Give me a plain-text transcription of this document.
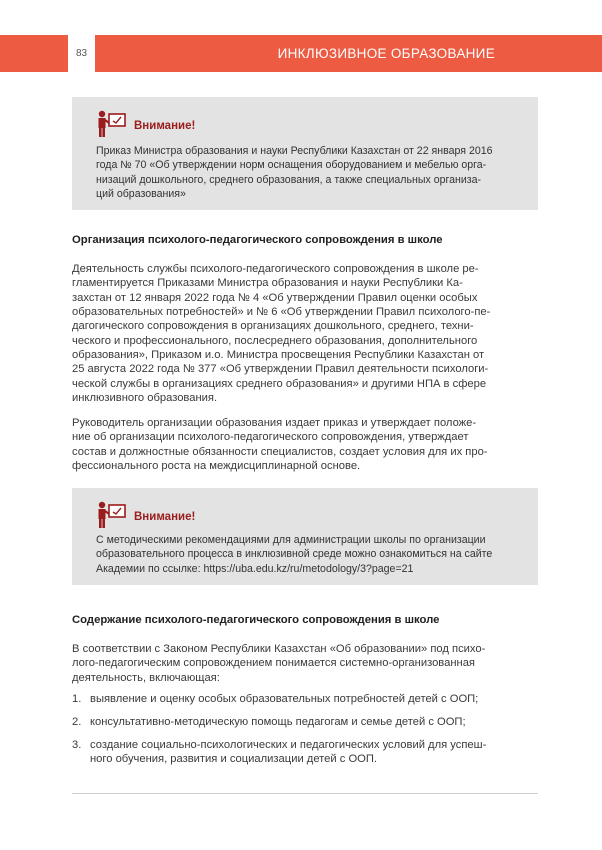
83	ИНКЛЮЗИВНОЕ ОБРАЗОВАНИЕ
Внимание!
Приказ Министра образования и науки Республики Казахстан от 22 января 2016
года № 70 «Об утверждении норм оснащения оборудованием и мебелью орга-
низаций дошкольного, среднего образования, а также специальных организа-
ций образования»
Организация психолого-педагогического сопровождения в школе
Деятельность службы психолого-педагогического сопровождения в школе ре-
гламентируется Приказами Министра образования и науки Республики Ка-
захстан от 12 января 2022 года № 4 «Об утверждении Правил оценки особых
образовательных потребностей» и № 6 «Об утверждении Правил психолого-пе-
дагогического сопровождения в организациях дошкольного, среднего, техни-
ческого и профессионального, послесреднего образования, дополнительного
образования», Приказом и.о. Министра просвещения Республики Казахстан от
25 августа 2022 года № 377 «Об утверждении Правил деятельности психологи-
ческой службы в организациях среднего образования» и другими НПА в сфере
инклюзивного образования.
Руководитель организации образования издает приказ и утверждает положе-
ние об организации психолого-педагогического сопровождения, утверждает
состав и должностные обязанности специалистов, создает условия для их про-
фессионального роста на междисциплинарной основе.
Внимание!
С методическими рекомендациями для администрации школы по организации
образовательного процесса в инклюзивной среде можно ознакомиться на сайте
Академии по ссылке: https://uba.edu.kz/ru/metodology/3?page=21
Содержание психолого-педагогического сопровождения в школе
В соответствии с Законом Республики Казахстан «Об образовании» под психо-
лого-педагогическим сопровождением понимается системно-организованная
деятельность, включающая:
1. выявление и оценку особых образовательных потребностей детей с ООП;
2. консультативно-методическую помощь педагогам и семье детей с ООП;
3. создание социально-психологических и педагогических условий для успеш-
ного обучения, развития и социализации детей с ООП.
